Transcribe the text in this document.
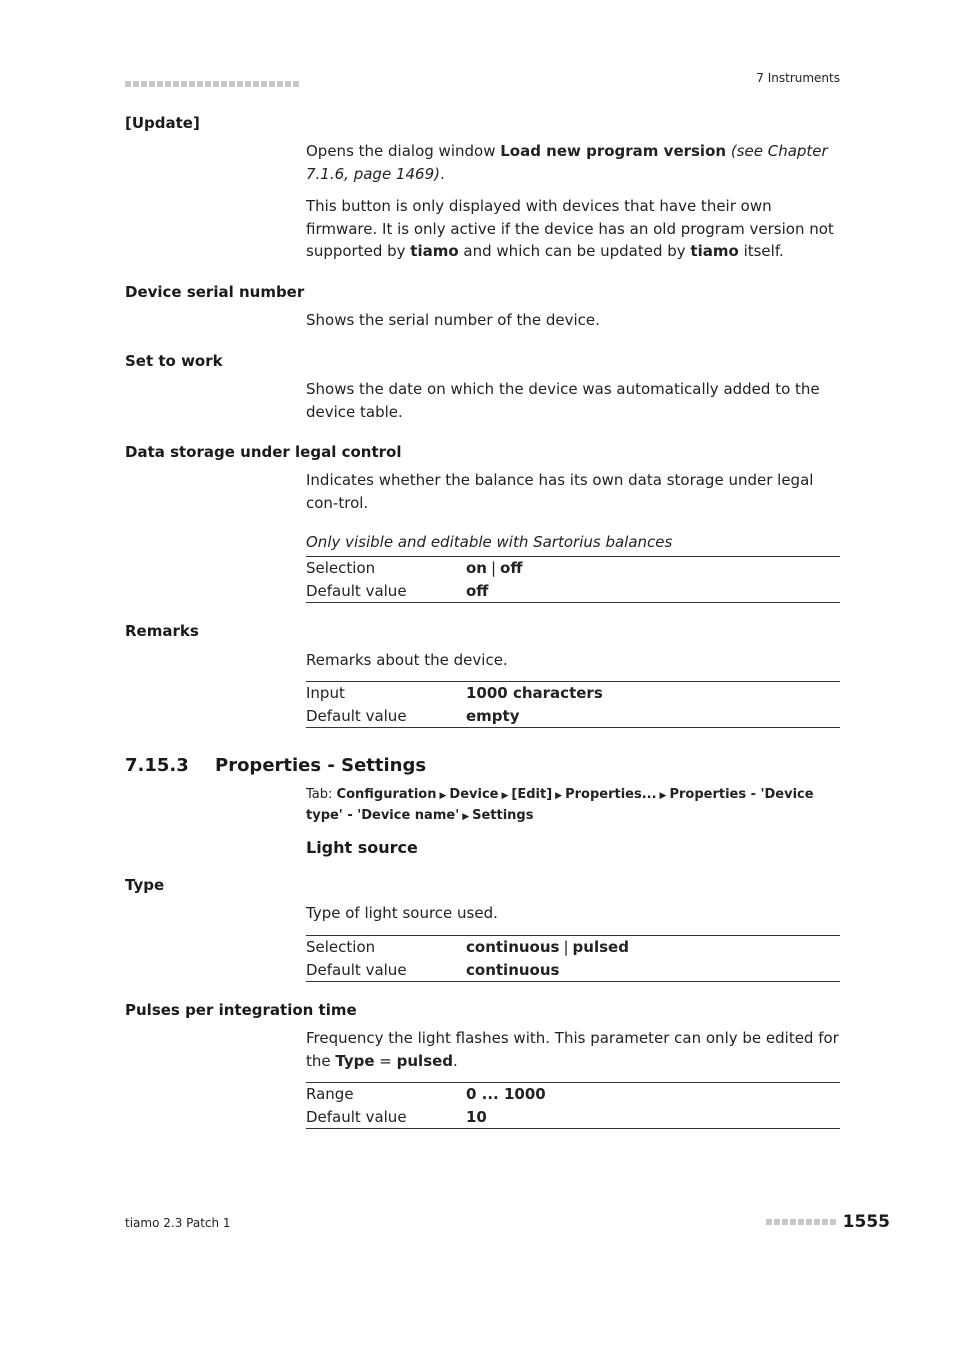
7 Instruments
[Update]

Opens the dialog window Load new program version (see Chapter 7.1.6, page 1469).

This button is only displayed with devices that have their own firmware. It is only active if the device has an old program version not supported by tiamo and which can be updated by tiamo itself.

Device serial number
Shows the serial number of the device.
Set to work
Shows the date on which the device was automatically added to the device table.
Data storage under legal control
Indicates whether the balance has its own data storage under legal con-trol.
Only visible and editable with Sartorius balances
Selection	on | off
Default value	off
Remarks
Remarks about the device.
Input	1000 characters
Default value	empty
7.15.3 Properties - Settings
Tab: Configuration ▶ Device ▶ [Edit] ▶ Properties... ▶ Properties - 'Device type' - 'Device name' ▶ Settings
Light source
Type
Type of light source used.
Selection	continuous | pulsed
Default value	continuous
Pulses per integration time

Frequency the light flashes with. This parameter can only be edited for the Type = pulsed.

Range	0 ... 1000
Default value	10
tiamo 2.3 Patch 1	1555
